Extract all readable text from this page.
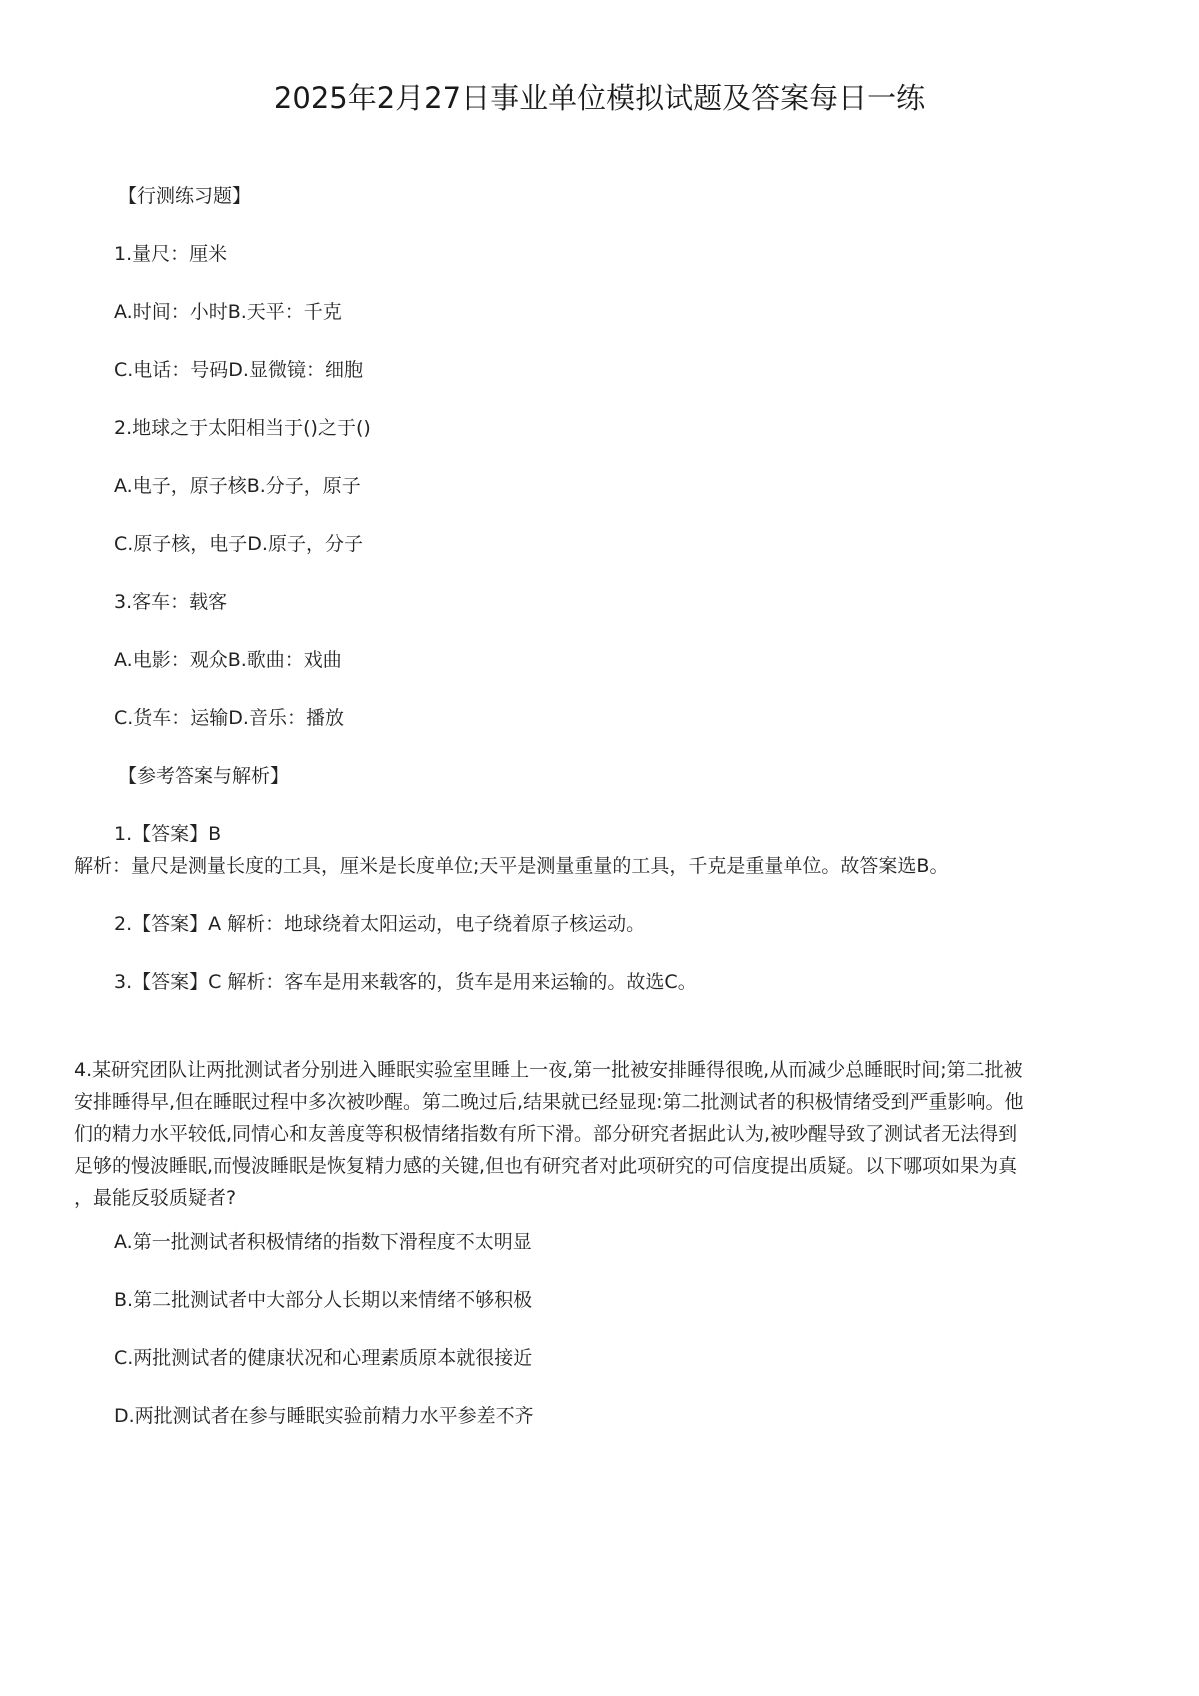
2025年2月27日事业单位模拟试题及答案每日一练
【行测练习题】
1.量尺：厘米
A.时间：小时B.天平：千克
C.电话：号码D.显微镜：细胞
2.地球之于太阳相当于()之于()
A.电子，原子核B.分子，原子
C.原子核，电子D.原子，分子
3.客车：载客
A.电影：观众B.歌曲：戏曲
C.货车：运输D.音乐：播放
【参考答案与解析】
1.【答案】B
解析：量尺是测量长度的工具，厘米是长度单位;天平是测量重量的工具，千克是重量单位。故答案选B。
2.【答案】A 解析：地球绕着太阳运动，电子绕着原子核运动。
3.【答案】C 解析：客车是用来载客的，货车是用来运输的。故选C。
4.某研究团队让两批测试者分别进入睡眠实验室里睡上一夜,第一批被安排睡得很晚,从而减少总睡眠时间;第二批被
安排睡得早,但在睡眠过程中多次被吵醒。第二晚过后,结果就已经显现:第二批测试者的积极情绪受到严重影响。他
们的精力水平较低,同情心和友善度等积极情绪指数有所下滑。部分研究者据此认为,被吵醒导致了测试者无法得到
足够的慢波睡眠,而慢波睡眠是恢复精力感的关键,但也有研究者对此项研究的可信度提出质疑。以下哪项如果为真
，最能反驳质疑者?
A.第一批测试者积极情绪的指数下滑程度不太明显
B.第二批测试者中大部分人长期以来情绪不够积极
C.两批测试者的健康状况和心理素质原本就很接近
D.两批测试者在参与睡眠实验前精力水平参差不齐
